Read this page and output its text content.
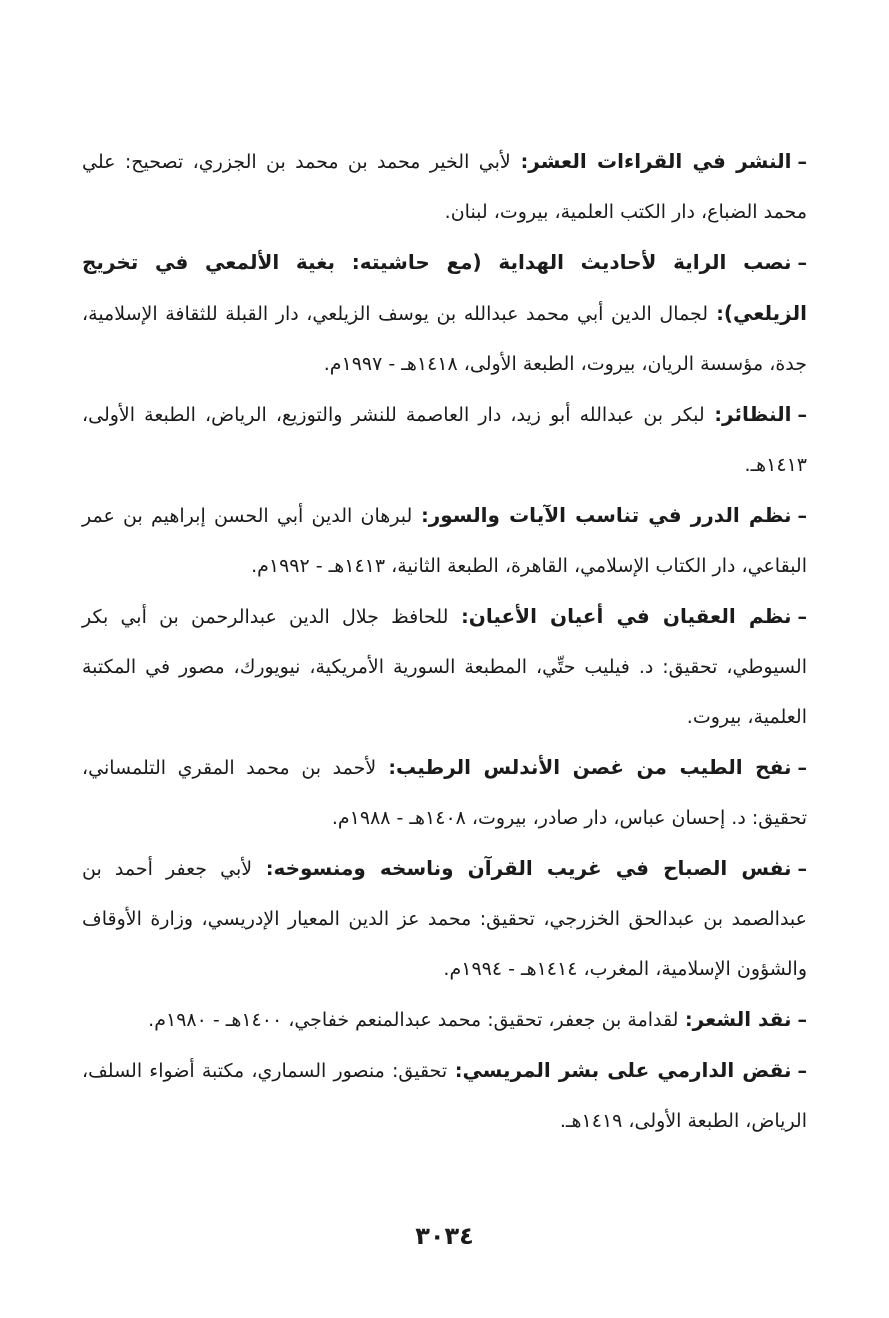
–النشر في القراءات العشر: لأبي الخير محمد بن محمد بن الجزري، تصحيح: علي محمد الضباع، دار الكتب العلمية، بيروت، لبنان.

–نصب الراية لأحاديث الهداية (مع حاشيته: بغية الألمعي في تخريج الزيلعي): لجمال الدين أبي محمد عبدالله بن يوسف الزيلعي، دار القبلة للثقافة الإسلامية، جدة، مؤسسة الريان، بيروت، الطبعة الأولى، ١٤١٨هـ - ١٩٩٧م.

–النظائر: لبكر بن عبدالله أبو زيد، دار العاصمة للنشر والتوزيع، الرياض، الطبعة الأولى، ١٤١٣هـ.

–نظم الدرر في تناسب الآيات والسور: لبرهان الدين أبي الحسن إبراهيم بن عمر البقاعي، دار الكتاب الإسلامي، القاهرة، الطبعة الثانية، ١٤١٣هـ - ١٩٩٢م.

–نظم العقيان في أعيان الأعيان: للحافظ جلال الدين عبدالرحمن بن أبي بكر السيوطي، تحقيق: د. فيليب حتِّي، المطبعة السورية الأمريكية، نيويورك، مصور في المكتبة العلمية، بيروت.

–نفح الطيب من غصن الأندلس الرطيب: لأحمد بن محمد المقري التلمساني، تحقيق: د. إحسان عباس، دار صادر، بيروت، ١٤٠٨هـ - ١٩٨٨م.

–نفس الصباح في غريب القرآن وناسخه ومنسوخه: لأبي جعفر أحمد بن عبدالصمد بن عبدالحق الخزرجي، تحقيق: محمد عز الدين المعيار الإدريسي، وزارة الأوقاف والشؤون الإسلامية، المغرب، ١٤١٤هـ - ١٩٩٤م.

–نقد الشعر: لقدامة بن جعفر، تحقيق: محمد عبدالمنعم خفاجي، ١٤٠٠هـ - ١٩٨٠م.

–نقض الدارمي على بشر المريسي: تحقيق: منصور السماري، مكتبة أضواء السلف، الرياض، الطبعة الأولى، ١٤١٩هـ.

٣٠٣٤
